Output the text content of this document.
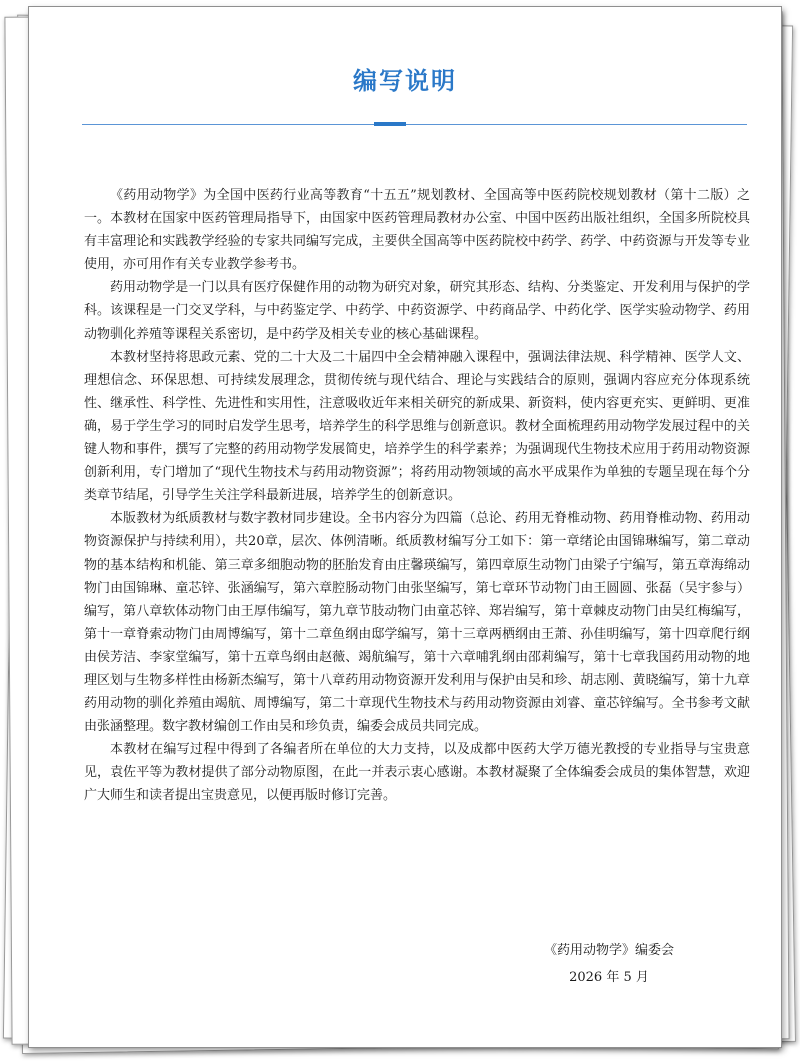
编写说明

《药用动物学》为全国中医药行业高等教育“十五五”规划教材、全国高等中医药院校规划教材（第十二版）之一。本教材在国家中医药管理局指导下，由国家中医药管理局教材办公室、中国中医药出版社组织，全国多所院校具有丰富理论和实践教学经验的专家共同编写完成，主要供全国高等中医药院校中药学、药学、中药资源与开发等专业使用，亦可用作有关专业教学参考书。

药用动物学是一门以具有医疗保健作用的动物为研究对象，研究其形态、结构、分类鉴定、开发利用与保护的学科。该课程是一门交叉学科，与中药鉴定学、中药学、中药资源学、中药商品学、中药化学、医学实验动物学、药用动物驯化养殖等课程关系密切，是中药学及相关专业的核心基础课程。

本教材坚持将思政元素、党的二十大及二十届四中全会精神融入课程中，强调法律法规、科学精神、医学人文、理想信念、环保思想、可持续发展理念，贯彻传统与现代结合、理论与实践结合的原则，强调内容应充分体现系统性、继承性、科学性、先进性和实用性，注意吸收近年来相关研究的新成果、新资料，使内容更充实、更鲜明、更准确，易于学生学习的同时启发学生思考，培养学生的科学思维与创新意识。教材全面梳理药用动物学发展过程中的关键人物和事件，撰写了完整的药用动物学发展简史，培养学生的科学素养；为强调现代生物技术应用于药用动物资源创新利用，专门增加了“现代生物技术与药用动物资源”；将药用动物领域的高水平成果作为单独的专题呈现在每个分类章节结尾，引导学生关注学科最新进展，培养学生的创新意识。

本版教材为纸质教材与数字教材同步建设。全书内容分为四篇（总论、药用无脊椎动物、药用脊椎动物、药用动物资源保护与持续利用），共20章，层次、体例清晰。纸质教材编写分工如下：第一章绪论由国锦琳编写，第二章动物的基本结构和机能、第三章多细胞动物的胚胎发育由庄馨瑛编写，第四章原生动物门由梁子宁编写，第五章海绵动物门由国锦琳、童芯锌、张涵编写，第六章腔肠动物门由张坚编写，第七章环节动物门由王圆圆、张磊（吴宇参与）编写，第八章软体动物门由王厚伟编写，第九章节肢动物门由童芯锌、郑岩编写，第十章棘皮动物门由吴红梅编写，第十一章脊索动物门由周博编写，第十二章鱼纲由邸学编写，第十三章两栖纲由王萧、孙佳明编写，第十四章爬行纲由侯芳洁、李家堂编写，第十五章鸟纲由赵薇、竭航编写，第十六章哺乳纲由邵莉编写，第十七章我国药用动物的地理区划与生物多样性由杨新杰编写，第十八章药用动物资源开发利用与保护由吴和珍、胡志刚、黄晓编写，第十九章药用动物的驯化养殖由竭航、周博编写，第二十章现代生物技术与药用动物资源由刘睿、童芯锌编写。全书参考文献由张涵整理。数字教材编创工作由吴和珍负责，编委会成员共同完成。

本教材在编写过程中得到了各编者所在单位的大力支持，以及成都中医药大学万德光教授的专业指导与宝贵意见，袁佐平等为教材提供了部分动物原图，在此一并表示衷心感谢。本教材凝聚了全体编委会成员的集体智慧，欢迎广大师生和读者提出宝贵意见，以便再版时修订完善。

《药用动物学》编委会
2026 年 5 月
